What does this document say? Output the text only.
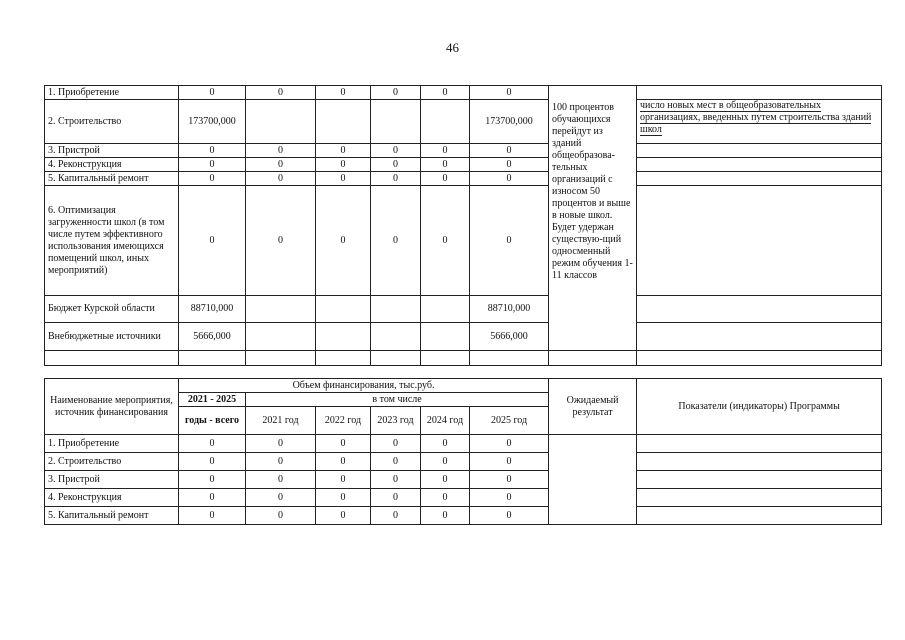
46
1. Приобретение	0	0	0	0	0	0		
2. Строительство	173700,000					173700,000	100 процентов обучающихся перейдут из зданий общеобразова-тельных организаций с износом 50 процентов и выше в новые школ. Будет удержан существую-щий односменный режим обучения 1-11 классов	число новых мест в общеобразовательных организациях, введенных путем строительства зданий школ
3. Пристрой	0	0	0	0	0	0		
4. Реконструкция	0	0	0	0	0	0		
5. Капитальный ремонт	0	0	0	0	0	0		
6. Оптимизация загруженности школ (в том числе путем эффективного использования имеющихся помещений школ, иных мероприятий)	0	0	0	0	0	0		
Бюджет Курской области	88710,000					88710,000		
Внебюджетные источники	5666,000					5666,000		

Наименование мероприятия, источник финансирования	Объем финансирования, тыс.руб.						Ожидаемый результат	Показатели (индикаторы) Программы
	2021 - 2025	в том числе						
	годы - всего	2021 год	2022 год	2023 год	2024 год	2025 год		
1. Приобретение	0	0	0	0	0	0		
2. Строительство	0	0	0	0	0	0		
3. Пристрой	0	0	0	0	0	0		
4. Реконструкция	0	0	0	0	0	0		
5. Капитальный ремонт	0	0	0	0	0	0		
